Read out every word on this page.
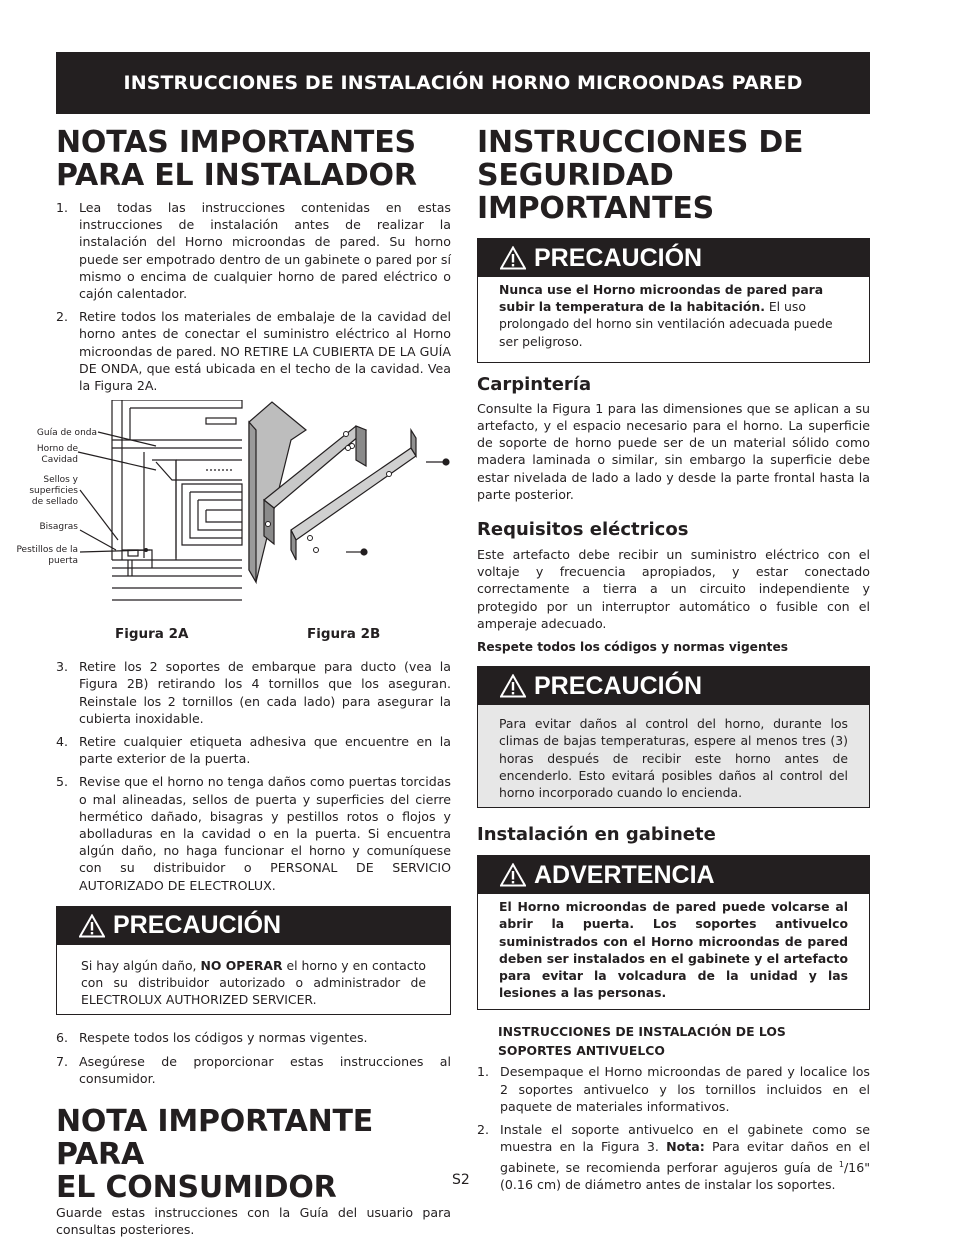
INSTRUCCIONES DE INSTALACIÓN HORNO MICROONDAS PARED
NOTAS IMPORTANTES
PARA EL INSTALADOR
1. Lea todas las instrucciones contenidas en estas instrucciones de instalación antes de realizar la instalación del Horno microondas de pared. Su horno puede ser empotrado dentro de un gabinete o pared por sí mismo o encima de cualquier horno de pared eléctrico o cajón calentador.
2. Retire todos los materiales de embalaje de la cavidad del horno antes de conectar el suministro eléctrico al Horno microondas de pared. NO RETIRE LA CUBIERTA DE LA GUÍA DE ONDA, que está ubicada en el techo de la cavidad. Vea la Figura 2A.
Guía de onda
Horno de Cavidad
Sellos y superficies de sellado
Bisagras
Pestillos de la puerta
Figura 2A	Figura 2B
3. Retire los 2 soportes de embarque para ducto (vea la Figura 2B) retirando los 4 tornillos que los aseguran. Reinstale los 2 tornillos (en cada lado) para asegurar la cubierta inoxidable.
4. Retire cualquier etiqueta adhesiva que encuentre en la parte exterior de la puerta.
5. Revise que el horno no tenga daños como puertas torcidas o mal alineadas, sellos de puerta y superficies del cierre hermético dañado, bisagras y pestillos rotos o flojos y abolladuras en la cavidad o en la puerta. Si encuentra algún daño, no haga funcionar el horno y comuníquese con su distribuidor o PERSONAL DE SERVICIO AUTORIZADO DE ELECTROLUX.
PRECAUCIÓN
Si hay algún daño, NO OPERAR el horno y en contacto con su distribuidor autorizado o administrador de ELECTROLUX AUTHORIZED SERVICER.
6. Respete todos los códigos y normas vigentes.
7. Asegúrese de proporcionar estas instrucciones al consumidor.
NOTA IMPORTANTE PARA
EL CONSUMIDOR
Guarde estas instrucciones con la Guía del usuario para consultas posteriores.
INSTRUCCIONES DE
SEGURIDAD IMPORTANTES
PRECAUCIÓN
Nunca use el Horno microondas de pared para subir la temperatura de la habitación. El uso prolongado del horno sin ventilación adecuada puede ser peligroso.
Carpintería
Consulte la Figura 1 para las dimensiones que se aplican a su artefacto, y el espacio necesario para el horno. La superficie de soporte de horno puede ser de un material sólido como madera laminada o similar, sin embargo la superficie debe estar nivelada de lado a lado y desde la parte frontal hasta la parte posterior.
Requisitos eléctricos
Este artefacto debe recibir un suministro eléctrico con el voltaje y frecuencia apropiados, y estar conectado correctamente a tierra a un circuito independiente y protegido por un interruptor automático o fusible con el amperaje adecuado.
Respete todos los códigos y normas vigentes
PRECAUCIÓN
Para evitar daños al control del horno, durante los climas de bajas temperaturas, espere al menos tres (3) horas después de recibir este horno antes de encenderlo. Esto evitará posibles daños al control del horno incorporado cuando lo encienda.
Instalación en gabinete
ADVERTENCIA
El Horno microondas de pared puede volcarse al abrir la puerta. Los soportes antivuelco suministrados con el Horno microondas de pared deben ser instalados en el gabinete y el artefacto para evitar la volcadura de la unidad y las lesiones a las personas.
INSTRUCCIONES DE INSTALACIÓN DE LOS SOPORTES ANTIVUELCO
1. Desempaque el Horno microondas de pared y localice los 2 soportes antivuelco y los tornillos incluidos en el paquete de materiales informativos.
2. Instale el soporte antivuelco en el gabinete como se muestra en la Figura 3. Nota: Para evitar daños en el gabinete, se recomienda perforar agujeros guía de $^1$/16" (0.16 cm) de diámetro antes de instalar los soportes.
S2
